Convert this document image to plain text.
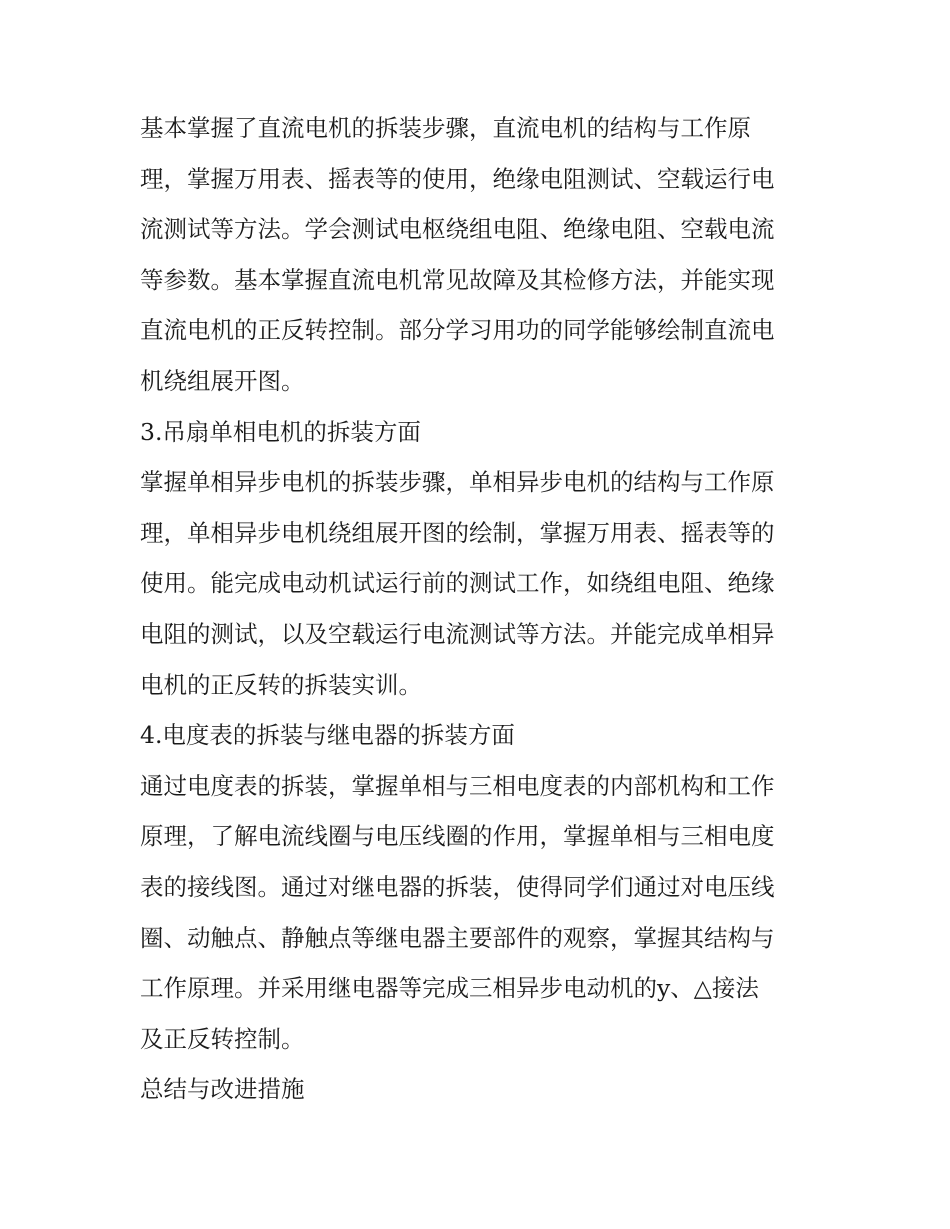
基本掌握了直流电机的拆装步骤，直流电机的结构与工作原
理，掌握万用表、摇表等的使用，绝缘电阻测试、空载运行电
流测试等方法。学会测试电枢绕组电阻、绝缘电阻、空载电流
等参数。基本掌握直流电机常见故障及其检修方法，并能实现
直流电机的正反转控制。部分学习用功的同学能够绘制直流电
机绕组展开图。
3.吊扇单相电机的拆装方面
掌握单相异步电机的拆装步骤，单相异步电机的结构与工作原
理，单相异步电机绕组展开图的绘制，掌握万用表、摇表等的
使用。能完成电动机试运行前的测试工作，如绕组电阻、绝缘
电阻的测试，以及空载运行电流测试等方法。并能完成单相异
电机的正反转的拆装实训。
4.电度表的拆装与继电器的拆装方面
通过电度表的拆装，掌握单相与三相电度表的内部机构和工作
原理，了解电流线圈与电压线圈的作用，掌握单相与三相电度
表的接线图。通过对继电器的拆装，使得同学们通过对电压线
圈、动触点、静触点等继电器主要部件的观察，掌握其结构与
工作原理。并采用继电器等完成三相异步电动机的y、△接法
及正反转控制。
总结与改进措施
